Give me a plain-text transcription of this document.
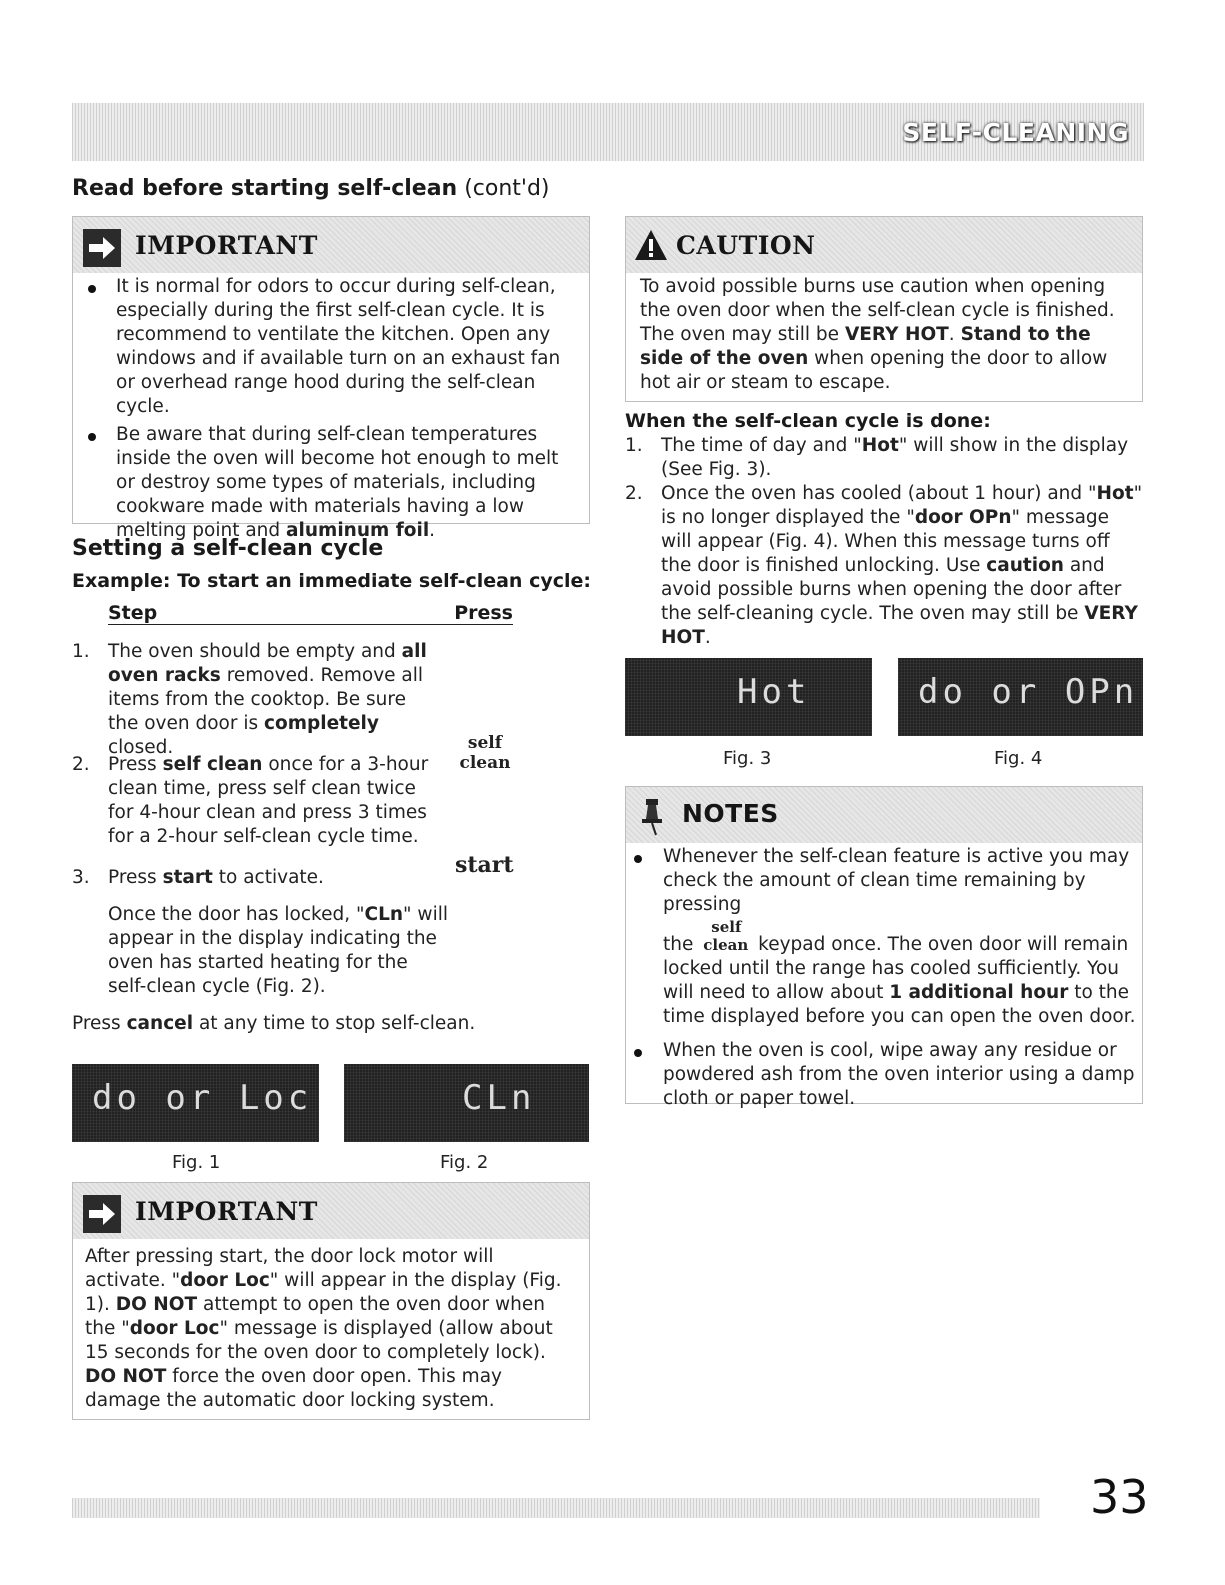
SELF-CLEANING
Read before starting self-clean (cont'd)
IMPORTANT
It is normal for odors to occur during self-clean, especially during the first self-clean cycle. It is recommend to ventilate the kitchen. Open any windows and if available turn on an exhaust fan or overhead range hood during the self-clean cycle.
Be aware that during self-clean temperatures inside the oven will become hot enough to melt or destroy some types of materials, including cookware made with materials having a low melting point and aluminum foil.
Setting a self-clean cycle
Example: To start an immediate self-clean cycle:
Step	Press
1. The oven should be empty and all oven racks removed. Remove all items from the cooktop. Be sure the oven door is completely closed.
2. Press self clean once for a 3-hour clean time, press self clean twice for 4-hour clean and press 3 times for a 2-hour self-clean cycle time.
self
clean
3. Press start to activate.	start
Once the door has locked, "CLn" will appear in the display indicating the oven has started heating for the self-clean cycle (Fig. 2).
Press cancel at any time to stop self-clean.
do or Loc
Fig. 1
CLn
Fig. 2
IMPORTANT
After pressing start, the door lock motor will activate. "door Loc" will appear in the display (Fig. 1). DO NOT attempt to open the oven door when the "door Loc" message is displayed (allow about 15 seconds for the oven door to completely lock). DO NOT force the oven door open. This may damage the automatic door locking system.
CAUTION
To avoid possible burns use caution when opening the oven door when the self-clean cycle is finished. The oven may still be VERY HOT. Stand to the side of the oven when opening the door to allow hot air or steam to escape.
When the self-clean cycle is done:
1. The time of day and "Hot" will show in the display (See Fig. 3).
2. Once the oven has cooled (about 1 hour) and "Hot" is no longer displayed the "door OPn" message will appear (Fig. 4). When this message turns off the door is finished unlocking. Use caution and avoid possible burns when opening the door after the self-cleaning cycle. The oven may still be VERY HOT.
Hot
Fig. 3
do or OPn
Fig. 4
NOTES
Whenever the self-clean feature is active you may check the amount of clean time remaining by pressing
the
self
clean keypad once. The oven door will remain locked until the range has cooled sufficiently. You will need to allow about 1 additional hour to the time displayed before you can open the oven door.
When the oven is cool, wipe away any residue or powdered ash from the oven interior using a damp cloth or paper towel.
33
